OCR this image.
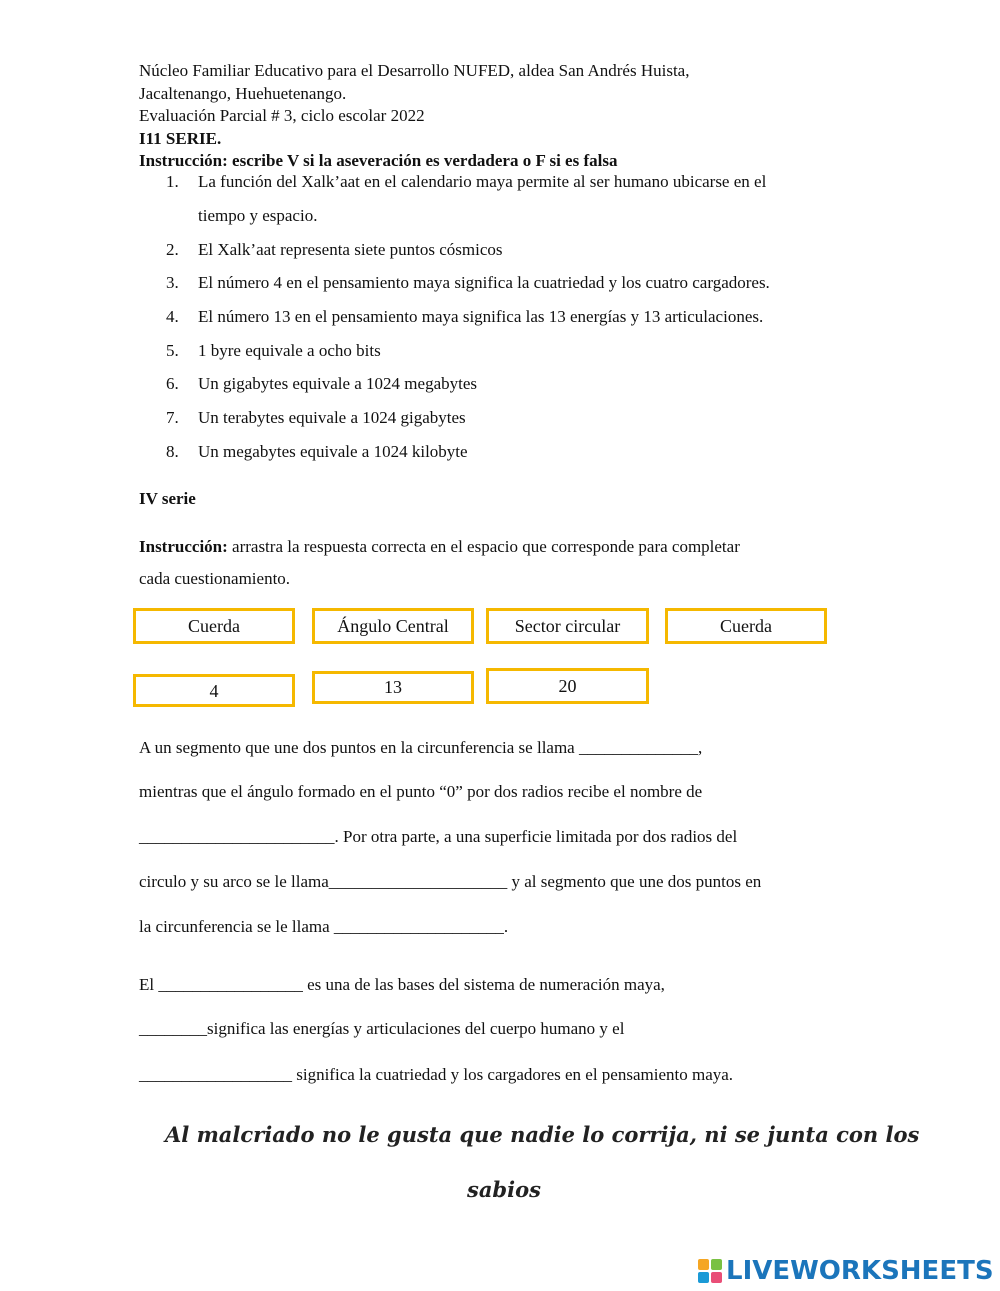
Núcleo Familiar Educativo para el Desarrollo NUFED, aldea San Andrés Huista,
Jacaltenango, Huehuetenango.
Evaluación Parcial # 3, ciclo escolar 2022
I11 SERIE.
Instrucción: escribe V si la aseveración es verdadera o F si es falsa
1. La función del Xalk’aat en el calendario maya permite al ser humano ubicarse en el
tiempo y espacio.
2. El Xalk’aat representa siete puntos cósmicos
3. El número 4 en el pensamiento maya significa la cuatriedad y los cuatro cargadores.
4. El número 13 en el pensamiento maya significa las 13 energías y 13 articulaciones.
5. 1 byre equivale a ocho bits
6. Un gigabytes equivale a 1024 megabytes
7. Un terabytes equivale a 1024 gigabytes
8. Un megabytes equivale a 1024 kilobyte
IV serie
Instrucción: arrastra la respuesta correcta en el espacio que corresponde para completar
cada cuestionamiento.
Cuerda	Ángulo Central	Sector circular	Cuerda
4	13	20
A un segmento que une dos puntos en la circunferencia se llama ______________,
mientras que el ángulo formado en el punto “0” por dos radios recibe el nombre de
_______________________. Por otra parte, a una superficie limitada por dos radios del
circulo y su arco se le llama_____________________ y al segmento que une dos puntos en
la circunferencia se le llama ____________________.
El _________________ es una de las bases del sistema de numeración maya,
________significa las energías y articulaciones del cuerpo humano y el
__________________ significa la cuatriedad y los cargadores en el pensamiento maya.
Al malcriado no le gusta que nadie lo corrija, ni se junta con los
sabios
LIVEWORKSHEETS
